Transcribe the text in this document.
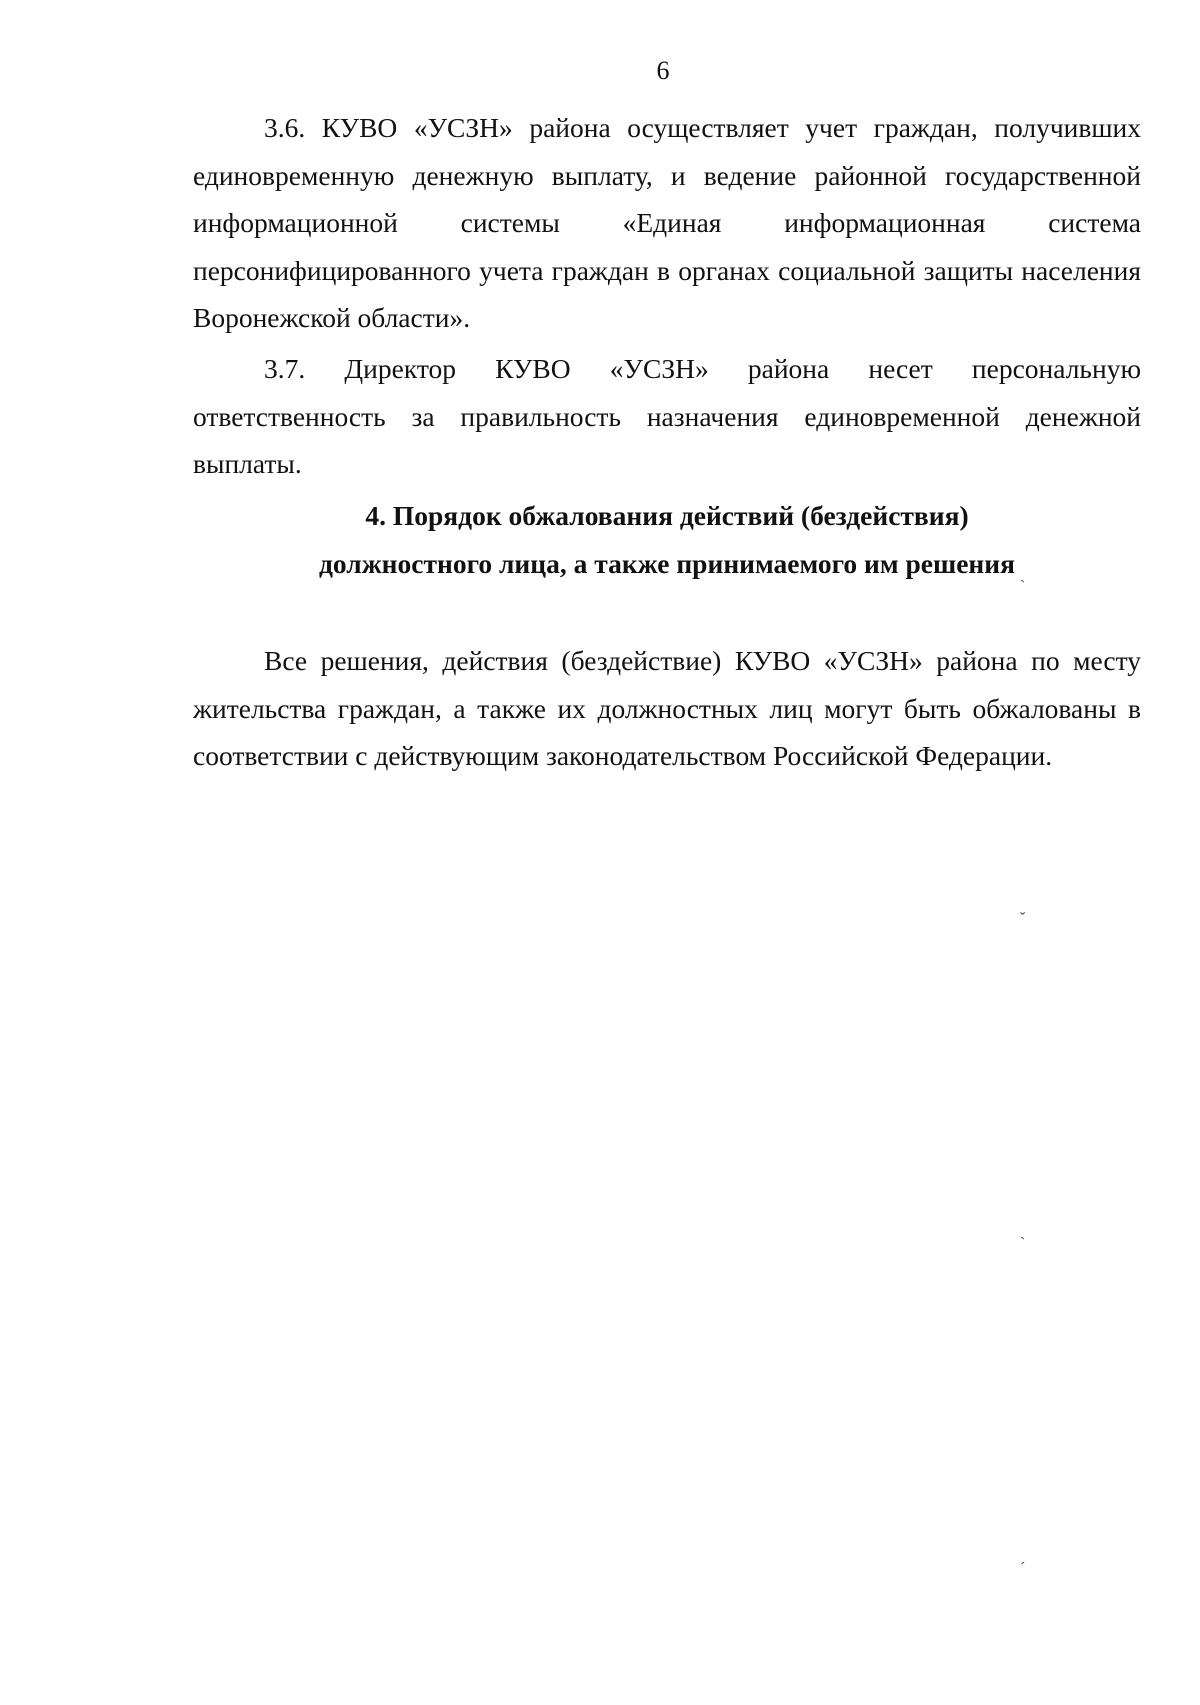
6

3.6. КУВО «УСЗН» района осуществляет учет граждан, получивших единовременную денежную выплату, и ведение районной государственной информационной системы «Единая информационная система персонифицированного учета граждан в органах социальной защиты населения Воронежской области».

3.7. Директор КУВО «УСЗН» района несет персональную ответственность за правильность назначения единовременной денежной выплаты.

4. Порядок обжалования действий (бездействия)
должностного лица, а также принимаемого им решения

Все решения, действия (бездействие) КУВО «УСЗН» района по месту жительства граждан, а также их должностных лиц могут быть обжалованы в соответствии с действующим законодательством Российской Федерации.

ˋ
ˇ
ˋ
ˊ
